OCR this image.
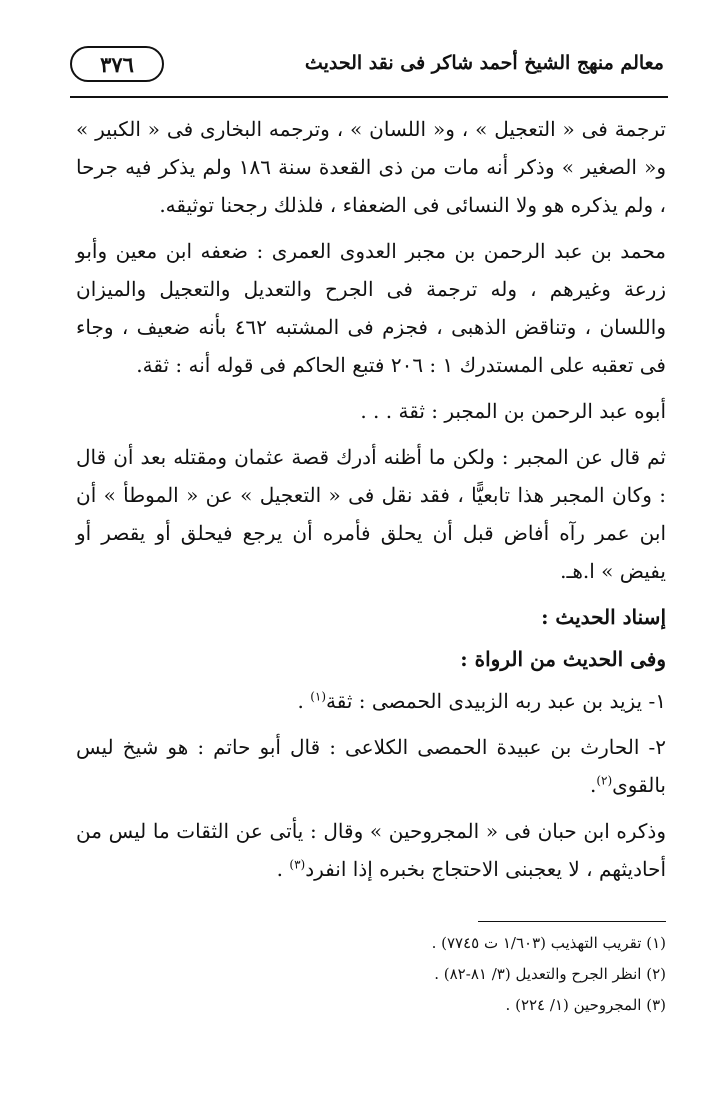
٣٧٦	معالم منهج الشيخ أحمد شاكر فى نقد الحديث

ترجمة فى « التعجيل » ، و« اللسان » ، وترجمه البخارى فى « الكبير » و« الصغير » وذكر أنه مات من ذى القعدة سنة ١٨٦ ولم يذكر فيه جرحا ، ولم يذكره هو ولا النسائى فى الضعفاء ، فلذلك رجحنا توثيقه.

محمد بن عبد الرحمن بن مجبر العدوى العمرى : ضعفه ابن معين وأبو زرعة وغيرهم ، وله ترجمة فى الجرح والتعديل والتعجيل والميزان واللسان ، وتناقض الذهبى ، فجزم فى المشتبه ٤٦٢ بأنه ضعيف ، وجاء فى تعقبه على المستدرك ١ : ٢٠٦ فتبع الحاكم فى قوله أنه : ثقة.

أبوه عبد الرحمن بن المجبر : ثقة . . .

ثم قال عن المجبر : ولكن ما أظنه أدرك قصة عثمان ومقتله بعد أن قال : وكان المجبر هذا تابعيًّا ، فقد نقل فى « التعجيل » عن « الموطأ » أن ابن عمر رآه أفاض قبل أن يحلق فأمره أن يرجع فيحلق أو يقصر أو يفيض » ا.هـ.

إسناد الحديث :

وفى الحديث من الرواة :

١- يزيد بن عبد ربه الزبيدى الحمصى : ثقة$^{(١)}$ .

٢- الحارث بن عبيدة الحمصى الكلاعى : قال أبو حاتم : هو شيخ ليس بالقوى$^{(٢)}$.

وذكره ابن حبان فى « المجروحين » وقال : يأتى عن الثقات ما ليس من أحاديثهم ، لا يعجبنى الاحتجاج بخبره إذا انفرد$^{(٣)}$ .

(١) تقريب التهذيب (١/٦٠٣ ت ٧٧٤٥) .
(٢) انظر الجرح والتعديل (٣/ ٨١-٨٢) .
(٣) المجروحين (١/ ٢٢٤) .
